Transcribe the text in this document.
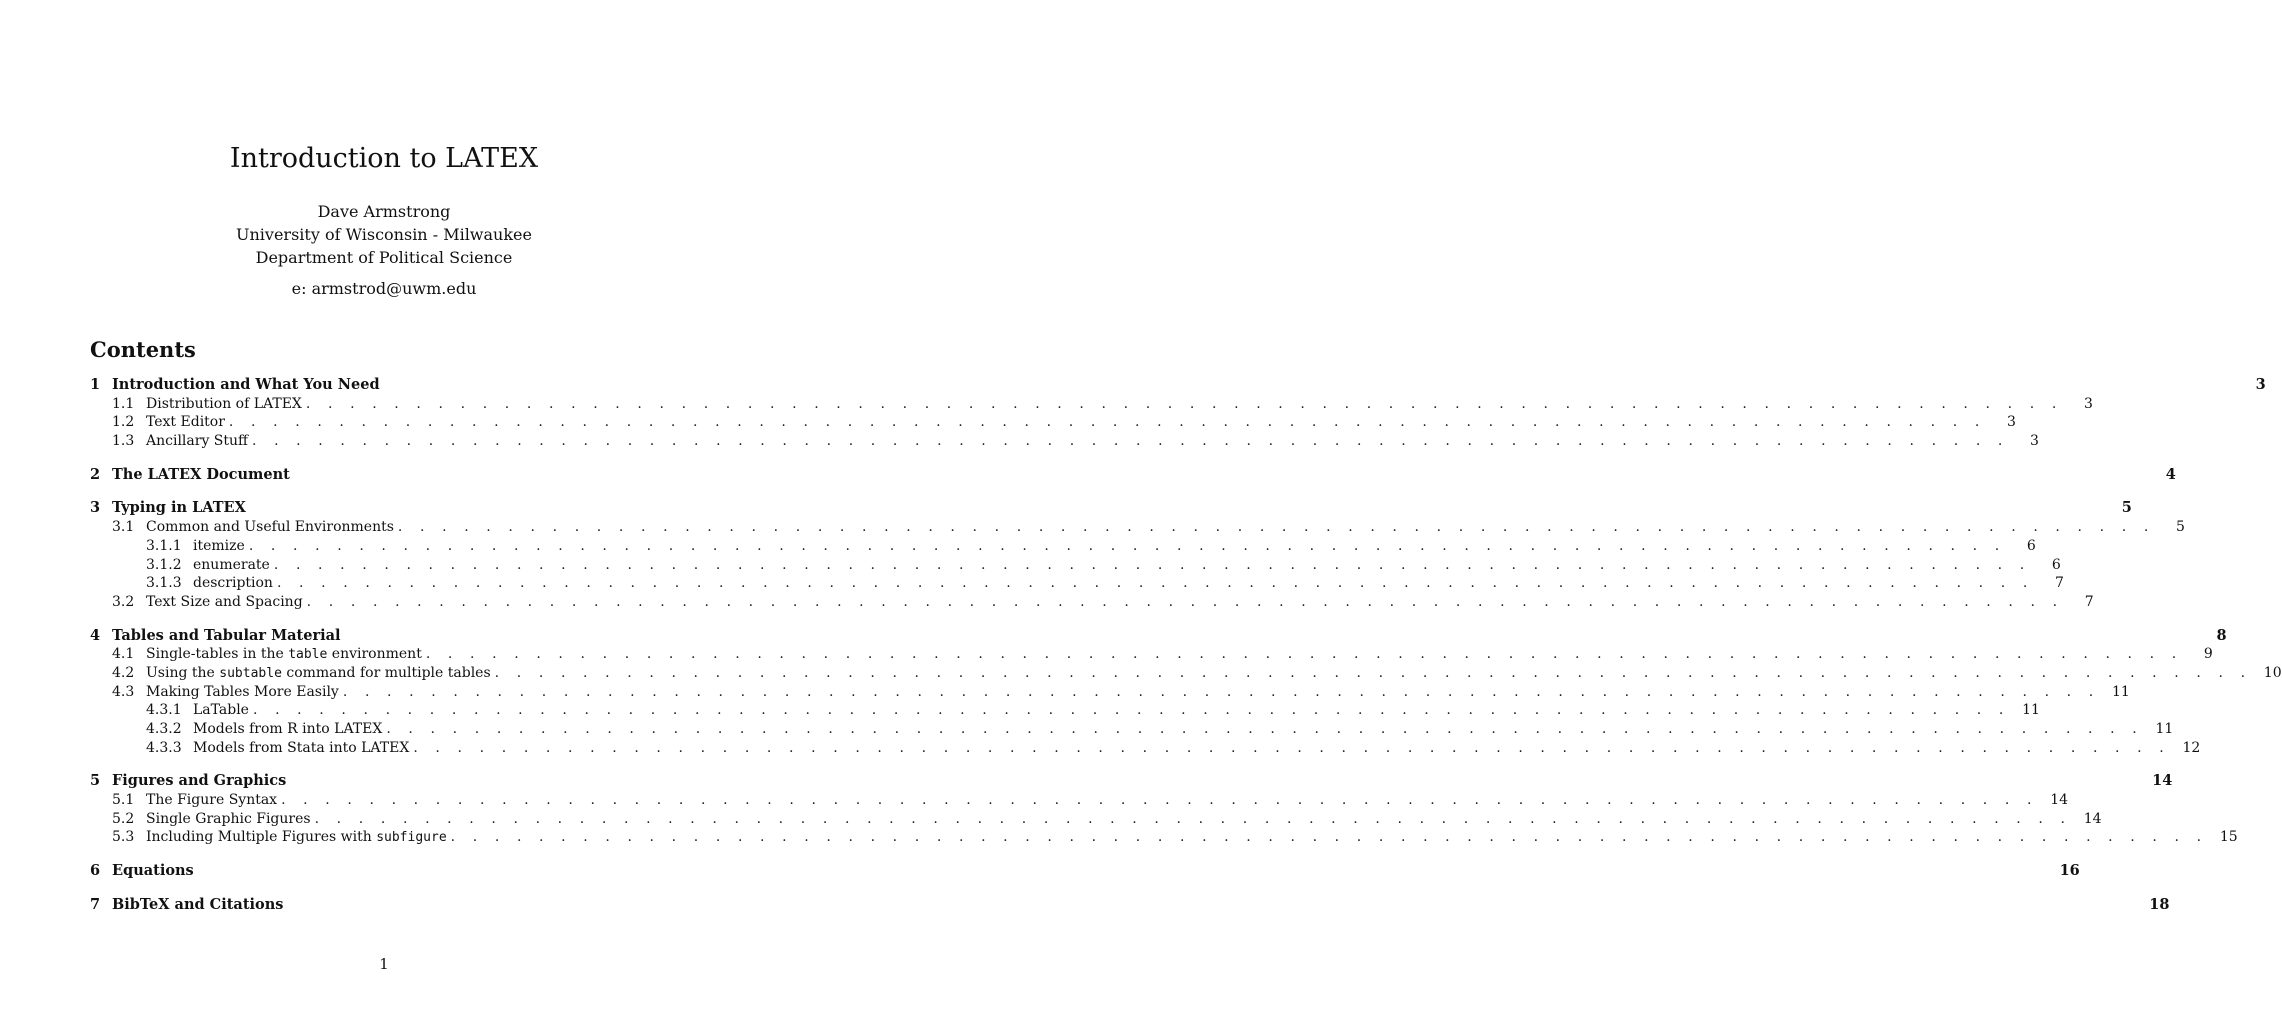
Introduction to LATEX
Dave Armstrong
University of Wisconsin - Milwaukee
Department of Political Science
e: armstrod@uwm.edu
Contents
1 Introduction and What You Need	3
1.1 Distribution of LATEX . . . . . . . . . . . . . . . . . . . . . . . . . . . . . . . . . . . . . . . . . . . . . . . . . . . . . . . . . . . . . . . . . . . . . . . . . . . . . . . .	3
1.2 Text Editor . . . . . . . . . . . . . . . . . . . . . . . . . . . . . . . . . . . . . . . . . . . . . . . . . . . . . . . . . . . . . . . . . . . . . . . . . . . . . . . .	3
1.3 Ancillary Stuff . . . . . . . . . . . . . . . . . . . . . . . . . . . . . . . . . . . . . . . . . . . . . . . . . . . . . . . . . . . . . . . . . . . . . . . . . . . . . . . .	3
2 The LATEX Document	4
3 Typing in LATEX	5
3.1 Common and Useful Environments . . . . . . . . . . . . . . . . . . . . . . . . . . . . . . . . . . . . . . . . . . . . . . . . . . . . . . . . . . . . . . . . . . . . . . . . . . . . . . . .	5
3.1.1 itemize . . . . . . . . . . . . . . . . . . . . . . . . . . . . . . . . . . . . . . . . . . . . . . . . . . . . . . . . . . . . . . . . . . . . . . . . . . . . . . . .	6
3.1.2 enumerate . . . . . . . . . . . . . . . . . . . . . . . . . . . . . . . . . . . . . . . . . . . . . . . . . . . . . . . . . . . . . . . . . . . . . . . . . . . . . . . .	6
3.1.3 description . . . . . . . . . . . . . . . . . . . . . . . . . . . . . . . . . . . . . . . . . . . . . . . . . . . . . . . . . . . . . . . . . . . . . . . . . . . . . . . .	7
3.2 Text Size and Spacing . . . . . . . . . . . . . . . . . . . . . . . . . . . . . . . . . . . . . . . . . . . . . . . . . . . . . . . . . . . . . . . . . . . . . . . . . . . . . . . .	7
4 Tables and Tabular Material	8
4.1 Single-tables in the table environment . . . . . . . . . . . . . . . . . . . . . . . . . . . . . . . . . . . . . . . . . . . . . . . . . . . . . . . . . . . . . . . . . . . . . . . . . . . . . . . .	9
4.2 Using the subtable command for multiple tables . . . . . . . . . . . . . . . . . . . . . . . . . . . . . . . . . . . . . . . . . . . . . . . . . . . . . . . . . . . . . . . . . . . . . . . . . . . . . . . . 10
4.3 Making Tables More Easily . . . . . . . . . . . . . . . . . . . . . . . . . . . . . . . . . . . . . . . . . . . . . . . . . . . . . . . . . . . . . . . . . . . . . . . . . . . . . . . . 11
4.3.1 LaTable . . . . . . . . . . . . . . . . . . . . . . . . . . . . . . . . . . . . . . . . . . . . . . . . . . . . . . . . . . . . . . . . . . . . . . . . . . . . . . . . 11
4.3.2 Models from R into LATEX . . . . . . . . . . . . . . . . . . . . . . . . . . . . . . . . . . . . . . . . . . . . . . . . . . . . . . . . . . . . . . . . . . . . . . . . . . . . . . . . 11
4.3.3 Models from Stata into LATEX . . . . . . . . . . . . . . . . . . . . . . . . . . . . . . . . . . . . . . . . . . . . . . . . . . . . . . . . . . . . . . . . . . . . . . . . . . . . . . . . 12
5 Figures and Graphics	14
5.1 The Figure Syntax . . . . . . . . . . . . . . . . . . . . . . . . . . . . . . . . . . . . . . . . . . . . . . . . . . . . . . . . . . . . . . . . . . . . . . . . . . . . . . . . 14
5.2 Single Graphic Figures . . . . . . . . . . . . . . . . . . . . . . . . . . . . . . . . . . . . . . . . . . . . . . . . . . . . . . . . . . . . . . . . . . . . . . . . . . . . . . . . 14
5.3 Including Multiple Figures with subfigure . . . . . . . . . . . . . . . . . . . . . . . . . . . . . . . . . . . . . . . . . . . . . . . . . . . . . . . . . . . . . . . . . . . . . . . . . . . . . . . . 15
6 Equations	16
7 BibTeX and Citations	18
1
